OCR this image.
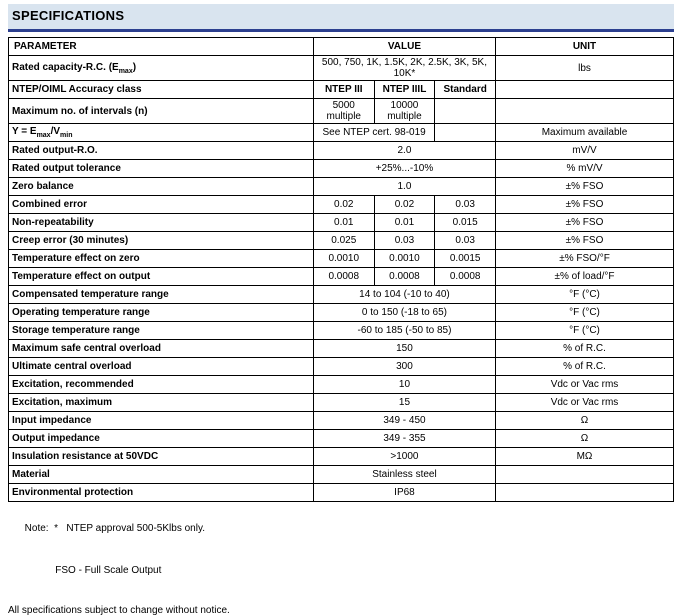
SPECIFICATIONS
PARAMETER	VALUE			UNIT
Rated capacity-R.C. $(E_{max})$	500, 750, 1K, 1.5K, 2K, 2.5K, 3K, 5K, 10K*			lbs
NTEP/OIML Accuracy class	NTEP III	NTEP IIIL	Standard	
Maximum no. of intervals (n)	5000 multiple	10000 multiple		
$Y = E_{max}/V_{min}$	See NTEP cert. 98-019			Maximum available
Rated output-R.O.	2.0			mV/V
Rated output tolerance	+25%...-10%			% mV/V
Zero balance	1.0			±% FSO
Combined error	0.02	0.02	0.03	±% FSO
Non-repeatability	0.01	0.01	0.015	±% FSO
Creep error (30 minutes)	0.025	0.03	0.03	±% FSO
Temperature effect on zero	0.0010	0.0010	0.0015	±% FSO/°F
Temperature effect on output	0.0008	0.0008	0.0008	±% of load/°F
Compensated temperature range	14 to 104 (-10 to 40)			°F (°C)
Operating temperature range	0 to 150 (-18 to 65)			°F (°C)
Storage temperature range	-60 to 185 (-50 to 85)			°F (°C)
Maximum safe central overload	150			% of R.C.
Ultimate central overload	300			% of R.C.
Excitation, recommended	10			Vdc or Vac rms
Excitation, maximum	15			Vdc or Vac rms
Input impedance	349 - 450			Ω
Output impedance	349 - 355			Ω
Insulation resistance at 50VDC	>1000			MΩ
Material	Stainless steel			
Environmental protection	IP68			

Note: * NTEP approval 500-5Klbs only.

FSO - Full Scale Output

All specifications subject to change without notice.
